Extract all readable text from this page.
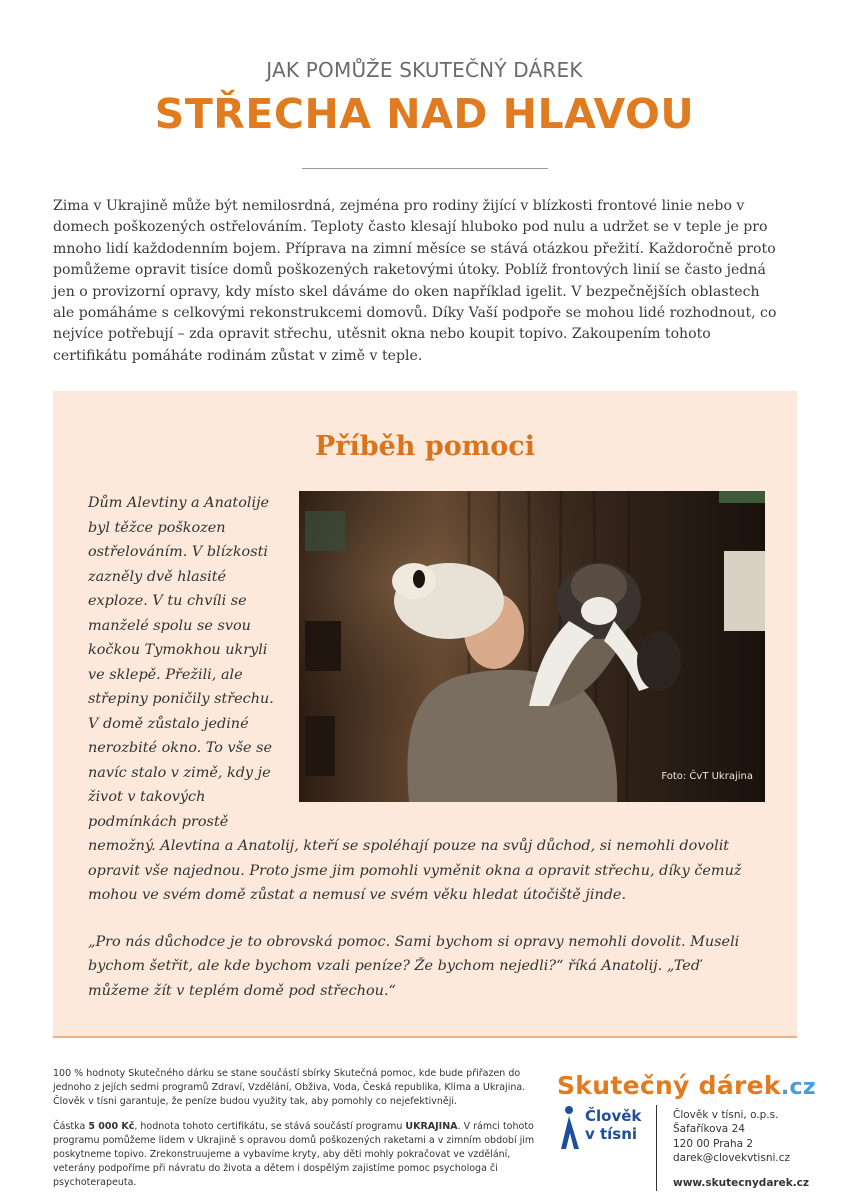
JAK POMŮŽE SKUTEČNÝ DÁREK
STŘECHA NAD HLAVOU
Zima v Ukrajině může být nemilosrdná, zejména pro rodiny žijící v blízkosti frontové linie nebo v domech poškozených ostřelováním. Teploty často klesají hluboko pod nulu a udržet se v teple je pro mnoho lidí každodenním bojem. Příprava na zimní měsíce se stává otázkou přežití. Každoročně proto pomůžeme opravit tisíce domů poškozených raketovými útoky. Poblíž frontových linií se často jedná jen o provizorní opravy, kdy místo skel dáváme do oken například igelit. V bezpečnějších oblastech ale pomáháme s celkovými rekonstrukcemi domovů. Díky Vaší podpoře se mohou lidé rozhodnout, co nejvíce potřebují – zda opravit střechu, utěsnit okna nebo koupit topivo. Zakoupením tohoto certifikátu pomáháte rodinám zůstat v zimě v teple.
Příběh pomoci
Foto: ČvT Ukrajina
Dům Alevtiny a Anatolije byl těžce poškozen ostřelováním. V blízkosti zazněly dvě hlasité exploze. V tu chvíli se manželé spolu se svou kočkou Tymokhou ukryli ve sklepě. Přežili, ale střepiny poničily střechu. V domě zůstalo jediné nerozbité okno. To vše se navíc stalo v zimě, kdy je život v takových podmínkách prostě nemožný. Alevtina a Anatolij, kteří se spoléhají pouze na svůj důchod, si nemohli dovolit opravit vše najednou. Proto jsme jim pomohli vyměnit okna a opravit střechu, díky čemuž mohou ve svém domě zůstat a nemusí ve svém věku hledat útočiště jinde.
„Pro nás důchodce je to obrovská pomoc. Sami bychom si opravy nemohli dovolit. Museli bychom šetřit, ale kde bychom vzali peníze? Že bychom nejedli?“ říká Anatolij. „Teď můžeme žít v teplém domě pod střechou.“

100 % hodnoty Skutečného dárku se stane součástí sbírky Skutečná pomoc, kde bude přiřazen do jednoho z jejích sedmi programů Zdraví, Vzdělání, Obživa, Voda, Česká republika, Klima a Ukrajina. Člověk v tísni garantuje, že peníze budou využity tak, aby pomohly co nejefektivněji.

Částka 5 000 Kč, hodnota tohoto certifikátu, se stává součástí programu UKRAJINA. V rámci tohoto programu pomůžeme lidem v Ukrajině s opravou domů poškozených raketami a v zimním období jim poskytneme topivo. Zrekonstruujeme a vybavíme kryty, aby děti mohly pokračovat ve vzdělání, veterány podpoříme při návratu do života a dětem i dospělým zajistíme pomoc psychologa či psychoterapeuta.

Skutečný dárek.cz
Člověk
v tísni
Člověk v tísni, o.p.s.
Šafaříkova 24
120 00 Praha 2
darek@clovekvtisni.cz
www.skutecnydarek.cz
